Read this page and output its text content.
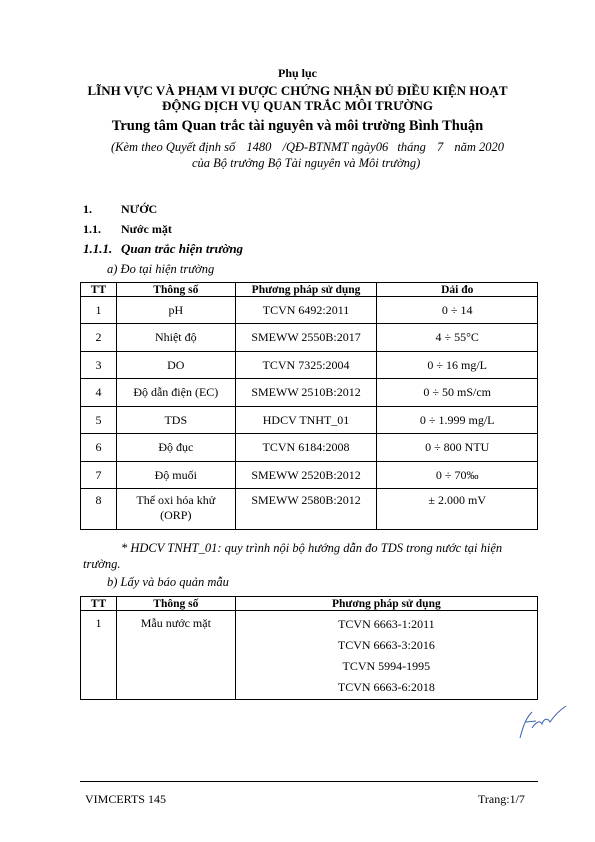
Phụ lục
LĨNH VỰC VÀ PHẠM VI ĐƯỢC CHỨNG NHẬN ĐỦ ĐIỀU KIỆN HOẠT
ĐỘNG DỊCH VỤ QUAN TRẮC MÔI TRƯỜNG
Trung tâm Quan trắc tài nguyên và môi trường Bình Thuận
(Kèm theo Quyết định số 1480 /QĐ-BTNMT ngày06 tháng 7 năm 2020
của Bộ trưởng Bộ Tài nguyên và Môi trường)
1. NƯỚC
1.1. Nước mặt
1.1.1. Quan trắc hiện trường
a) Đo tại hiện trường
TT	Thông số	Phương pháp sử dụng	Dải đo
1	pH	TCVN 6492:2011	0 ÷ 14
2	Nhiệt độ	SMEWW 2550B:2017	4 ÷ 55°C
3	DO	TCVN 7325:2004	0 ÷ 16 mg/L
4	Độ dẫn điện (EC)	SMEWW 2510B:2012	0 ÷ 50 mS/cm
5	TDS	HDCV TNHT_01	0 ÷ 1.999 mg/L
6	Độ đục	TCVN 6184:2008	0 ÷ 800 NTU
7	Độ muối	SMEWW 2520B:2012	0 ÷ 70‰
8	Thế oxi hóa khử (ORP)	SMEWW 2580B:2012	± 2.000 mV
* HDCV TNHT_01: quy trình nội bộ hướng dẫn đo TDS trong nước tại hiện trường.
b) Lấy và báo quản mẫu
TT	Thông số	Phương pháp sử dụng
1	Mẫu nước mặt	TCVN 6663-1:2011
TCVN 6663-3:2016
TCVN 5994-1995
TCVN 6663-6:2018
VIMCERTS 145	Trang:1/7
